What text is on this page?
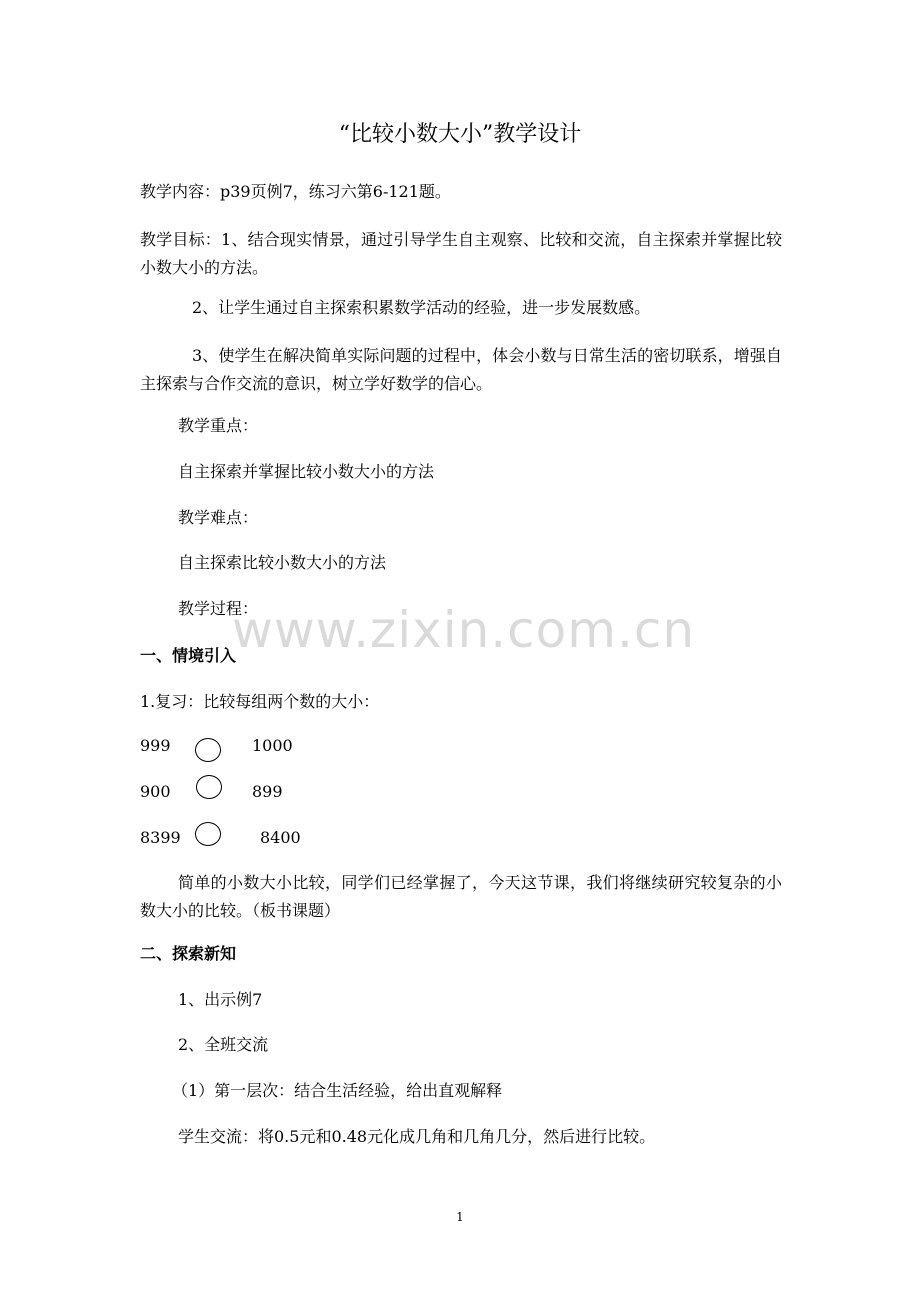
“比较小数大小”教学设计
教学内容：p39页例7，练习六第6-121题。
教学目标：1、结合现实情景，通过引导学生自主观察、比较和交流，自主探索并掌握比较小数大小的方法。
2、让学生通过自主探索积累数学活动的经验，进一步发展数感。
3、使学生在解决简单实际问题的过程中，体会小数与日常生活的密切联系，增强自主探索与合作交流的意识，树立学好数学的信心。
教学重点：
自主探索并掌握比较小数大小的方法
教学难点：
自主探索比较小数大小的方法
教学过程：
www.zixin.com.cn
一、情境引入
1.复习：比较每组两个数的大小：
999	1000
900	899
8399	8400
简单的小数大小比较，同学们已经掌握了，今天这节课，我们将继续研究较复杂的小数大小的比较。（板书课题）
二、探索新知
1、出示例7
2、全班交流
（1）第一层次：结合生活经验，给出直观解释
学生交流：将0.5元和0.48元化成几角和几角几分，然后进行比较。
1
